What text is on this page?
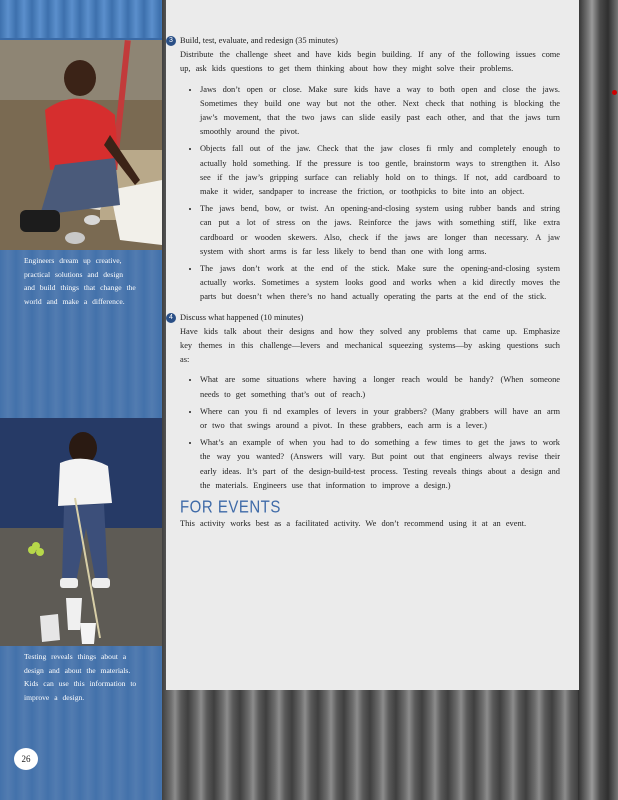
Engineers dream up creative, practical solutions and design and build things that change the world and make a difference.

Testing reveals things about a design and about the materials. Kids can use this information to improve a design.

26
3 Build, test, evaluate, and redesign (35 minutes)
Distribute the challenge sheet and have kids begin building. If any of the following issues come up, ask kids questions to get them thinking about how they might solve their problems.
• Jaws don’t open or close. Make sure kids have a way to both open and close the jaws. Sometimes they build one way but not the other. Next check that nothing is blocking the jaw’s movement, that the two jaws can slide easily past each other, and that the jaws turn smoothly around the pivot.
• Objects fall out of the jaw. Check that the jaw closes fi rmly and completely enough to actually hold something. If the pressure is too gentle, brainstorm ways to strengthen it. Also see if the jaw’s gripping surface can reliably hold on to things. If not, add cardboard to make it wider, sandpaper to increase the friction, or toothpicks to bite into an object.
• The jaws bend, bow, or twist. An opening-and-closing system using rubber bands and string can put a lot of stress on the jaws. Reinforce the jaws with something stiff, like extra cardboard or wooden skewers. Also, check if the jaws are longer than necessary. A jaw system with short arms is far less likely to bend than one with long arms.
• The jaws don’t work at the end of the stick. Make sure the opening-and-closing system actually works. Sometimes a system looks good and works when a kid directly moves the parts but doesn’t when there’s no hand actually operating the parts at the end of the stick.
4 Discuss what happened (10 minutes)
Have kids talk about their designs and how they solved any problems that came up. Emphasize key themes in this challenge—levers and mechanical squeezing systems—by asking questions such as:
• What are some situations where having a longer reach would be handy? (When someone needs to get something that’s out of reach.)
• Where can you fi nd examples of levers in your grabbers? (Many grabbers will have an arm or two that swings around a pivot. In these grabbers, each arm is a lever.)
• What’s an example of when you had to do something a few times to get the jaws to work the way you wanted? (Answers will vary. But point out that engineers always revise their early ideas. It’s part of the design-build-test process. Testing reveals things about a design and the materials. Engineers use that information to improve a design.)
FOR EVENTS
This activity works best as a facilitated activity. We don’t recommend using it at an event.
